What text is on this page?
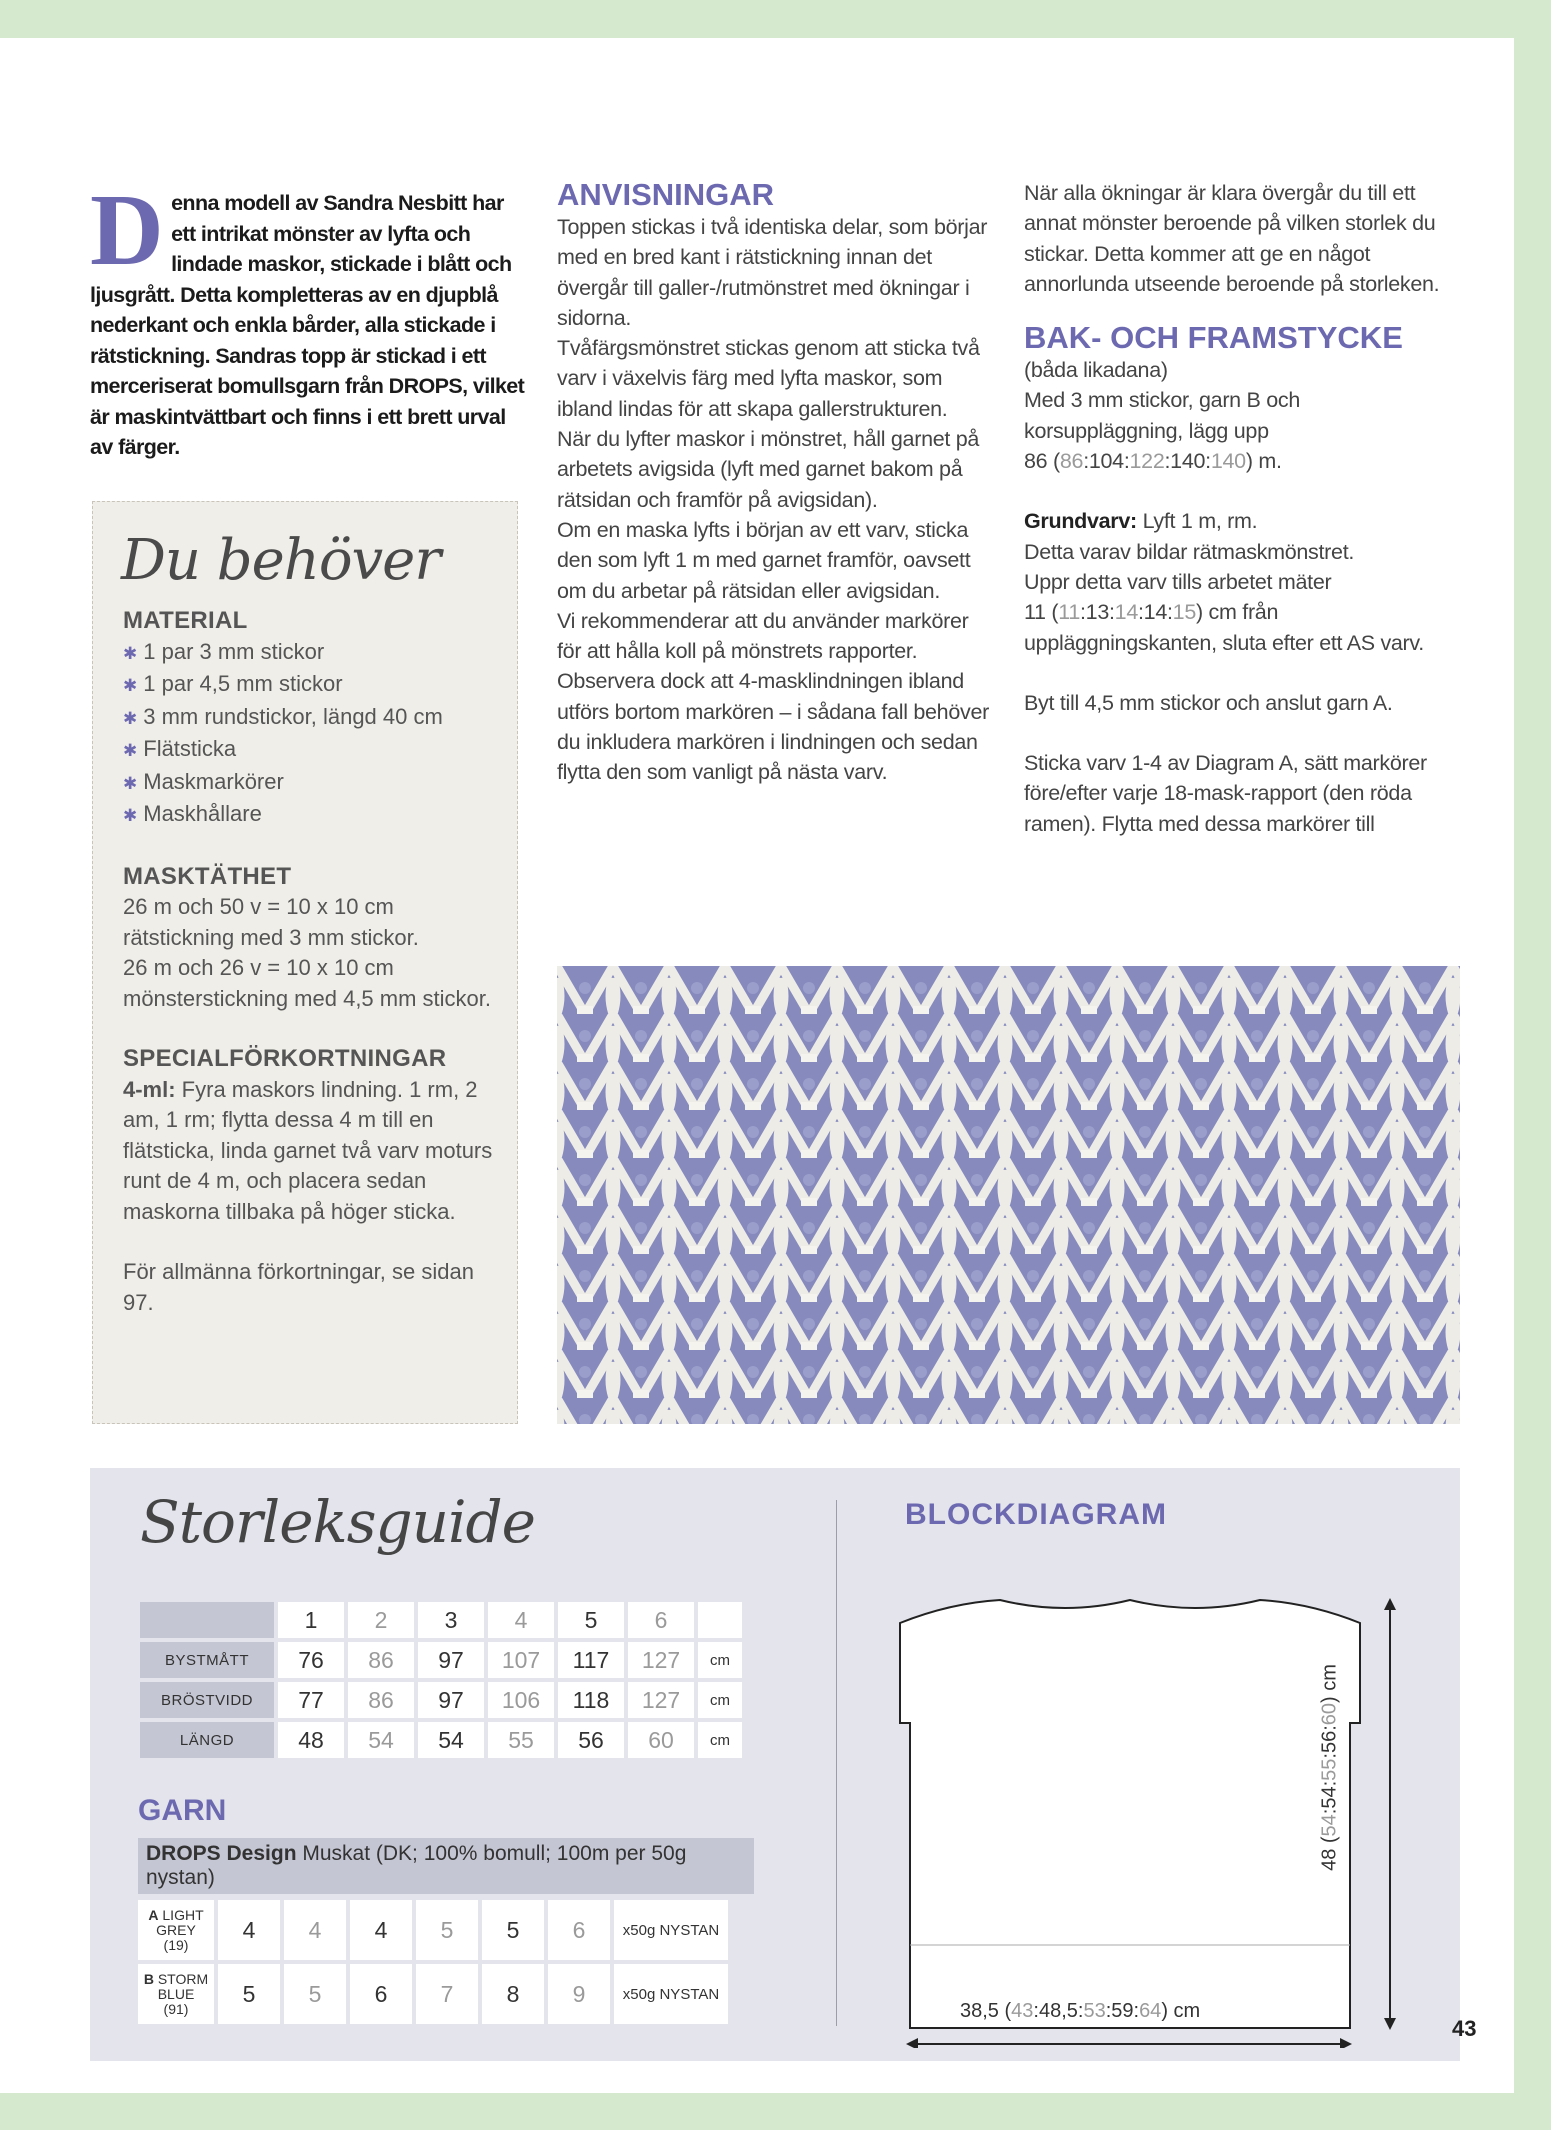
Denna modell av Sandra Nesbitt har ett intrikat mönster av lyfta och lindade maskor, stickade i blått och ljusgrått. Detta kompletteras av en djupblå nederkant och enkla bårder, alla stickade i rätstickning. Sandras topp är stickad i ett merceriserat bomullsgarn från DROPS, vilket är maskintvättbart och finns i ett brett urval av färger.
Du behöver
MATERIAL
✱ 1 par 3 mm stickor
✱ 1 par 4,5 mm stickor
✱ 3 mm rundstickor, längd 40 cm
✱ Flätsticka
✱ Maskmarkörer
✱ Maskhållare
MASKTÄTHET

26 m och 50 v = 10 x 10 cm rätstickning med 3 mm stickor.

26 m och 26 v = 10 x 10 cm mönsterstickning med 4,5 mm stickor.

SPECIALFÖRKORTNINGAR

4-ml: Fyra maskors lindning. 1 rm, 2 am, 1 rm; flytta dessa 4 m till en flätsticka, linda garnet två varv moturs runt de 4 m, och placera sedan maskorna tillbaka på höger sticka.

För allmänna förkortningar, se sidan 97.

ANVISNINGAR

Toppen stickas i två identiska delar, som börjar med en bred kant i rätstickning innan det övergår till galler-/rutmönstret med ökningar i sidorna.

Tvåfärgsmönstret stickas genom att sticka två varv i växelvis färg med lyfta maskor, som ibland lindas för att skapa gallerstrukturen.

När du lyfter maskor i mönstret, håll garnet på arbetets avigsida (lyft med garnet bakom på rätsidan och framför på avigsidan).

Om en maska lyfts i början av ett varv, sticka den som lyft 1 m med garnet framför, oavsett om du arbetar på rätsidan eller avigsidan.

Vi rekommenderar att du använder markörer för att hålla koll på mönstrets rapporter.

Observera dock att 4-masklindningen ibland utförs bortom markören – i sådana fall behöver du inkludera markören i lindningen och sedan flytta den som vanligt på nästa varv.

När alla ökningar är klara övergår du till ett annat mönster beroende på vilken storlek du stickar. Detta kommer att ge en något annorlunda utseende beroende på storleken.

BAK- OCH FRAMSTYCKE

(båda likadana)

Med 3 mm stickor, garn B och korsuppläggning, lägg upp

86 (86:104:122:140:140) m.

Grundvarv: Lyft 1 m, rm.

Detta varav bildar rätmaskmönstret.

Uppr detta varv tills arbetet mäter

11 (11:13:14:14:15) cm från

uppläggningskanten, sluta efter ett AS varv.

Byt till 4,5 mm stickor och anslut garn A.

Sticka varv 1-4 av Diagram A, sätt markörer före/efter varje 18-mask-rapport (den röda ramen). Flytta med dessa markörer till

Storleksguide
	1	2	3	4	5	6	
BYSTMÅTT	76	86	97	107	117	127	cm
BRÖSTVIDD	77	86	97	106	118	127	cm
LÄNGD	48	54	54	55	56	60	cm
GARN
DROPS Design Muskat (DK; 100% bomull; 100m per 50g nystan)
A LIGHT
GREY
(19)	4	4	4	5	5	6	x50g NYSTAN
B STORM
BLUE
(91)	5	5	6	7	8	9	x50g NYSTAN
BLOCKDIAGRAM
38,5 (43:48,5:53:59:64) cm
48 (54:54:55:56:60) cm
43
